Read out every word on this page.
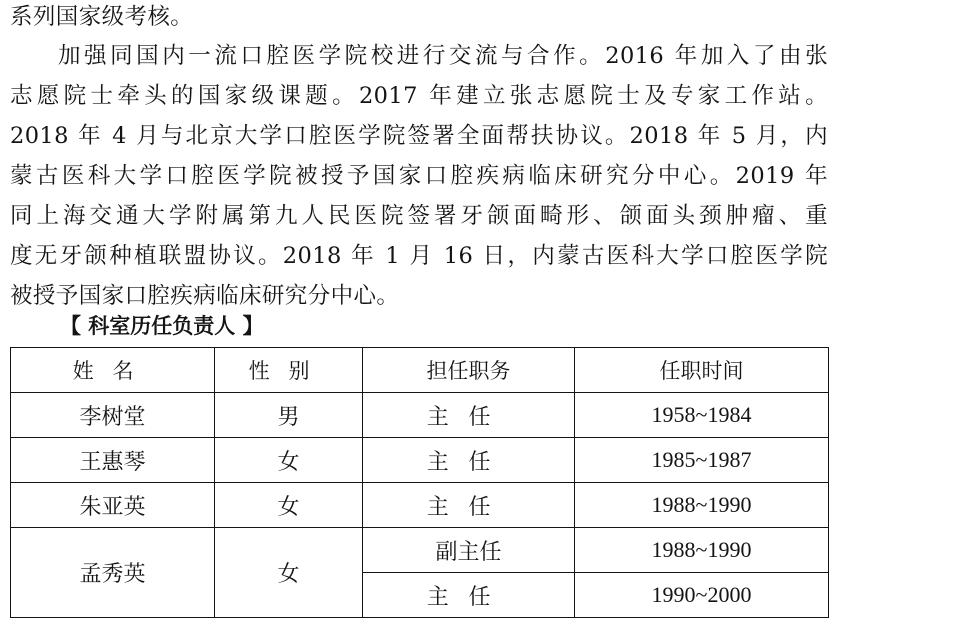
系列国家级考核。

加强同国内一流口腔医学院校进行交流与合作。2016 年加入了由张
志愿院士牵头的国家级课题。2017 年建立张志愿院士及专家工作站。
2018 年 4 月与北京大学口腔医学院签署全面帮扶协议。2018 年 5 月，内
蒙古医科大学口腔医学院被授予国家口腔疾病临床研究分中心。2019 年
同上海交通大学附属第九人民医院签署牙颌面畸形、颌面头颈肿瘤、重
度无牙颌种植联盟协议。2018 年 1 月 16 日，内蒙古医科大学口腔医学院
被授予国家口腔疾病临床研究分中心。

【 科室历任负责人 】
姓名	性别	担任职务	任职时间
李树堂	男	主任	1958~1984
王惠琴	女	主任	1985~1987
朱亚英	女	主任	1988~1990
孟秀英	女	副主任	1988~1990
		主任	1990~2000
